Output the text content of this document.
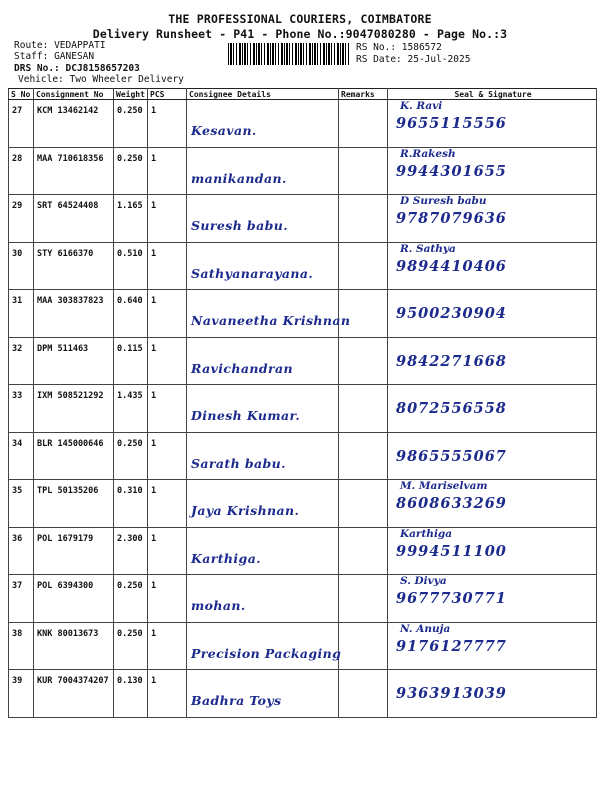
THE PROFESSIONAL COURIERS, COIMBATORE
Delivery Runsheet - P41 - Phone No.:9047080280 - Page No.:3
Route: VEDAPPATI
Staff: GANESAN
DRS No.: DCJ8158657203
Vehicle: Two Wheeler Delivery
RS No.: 1586572
RS Date: 25-Jul-2025
S No	Consignment No	Weight	PCS	Consignee Details	Remarks	Seal & Signature
27	KCM 13462142	0.250	1	Kesavan.		K. Ravi
9655115556

28	MAA 710618356	0.250	1	manikandan.		R.Rakesh
9944301655

29	SRT 64524408	1.165	1	Suresh babu.		D Suresh babu
9787079636

30	STY 6166370	0.510	1	Sathyanarayana.		R. Sathya
9894410406

31	MAA 303837823	0.640	1	Navaneetha Krishnan		9500230904

32	DPM 511463	0.115	1	Ravichandran		9842271668

33	IXM 508521292	1.435	1	Dinesh Kumar.		8072556558

34	BLR 145000646	0.250	1	Sarath babu.		9865555067

35	TPL 50135206	0.310	1	Jaya Krishnan.		M. Mariselvam
8608633269

36	POL 1679179	2.300	1	Karthiga.		Karthiga
9994511100

37	POL 6394300	0.250	1	mohan.		S. Divya
9677730771

38	KNK 80013673	0.250	1	Precision Packaging		N. Anuja
9176127777

39	KUR 7004374207	0.130	1	Badhra Toys		9363913039
